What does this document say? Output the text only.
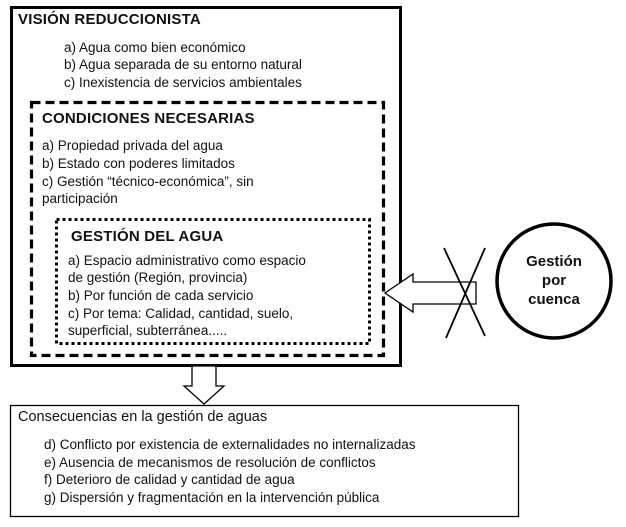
VISIÓN REDUCCIONISTA
a) Agua como bien económico
b) Agua separada de su entorno natural
c) Inexistencia de servicios ambientales
CONDICIONES NECESARIAS
a) Propiedad privada del agua
b) Estado con poderes limitados
c) Gestión “técnico-económica”, sin
participación
GESTIÓN DEL AGUA
a) Espacio administrativo como espacio
de gestión (Región, provincia)
b) Por función de cada servicio
c) Por tema: Calidad, cantidad, suelo,
superficial, subterránea.....
Gestión
por
cuenca
Consecuencias en la gestión de aguas
d) Conflicto por existencia de externalidades no internalizadas
e) Ausencia de mecanismos de resolución de conflictos
f) Deterioro de calidad y cantidad de agua
g) Dispersión y fragmentación en la intervención pública
